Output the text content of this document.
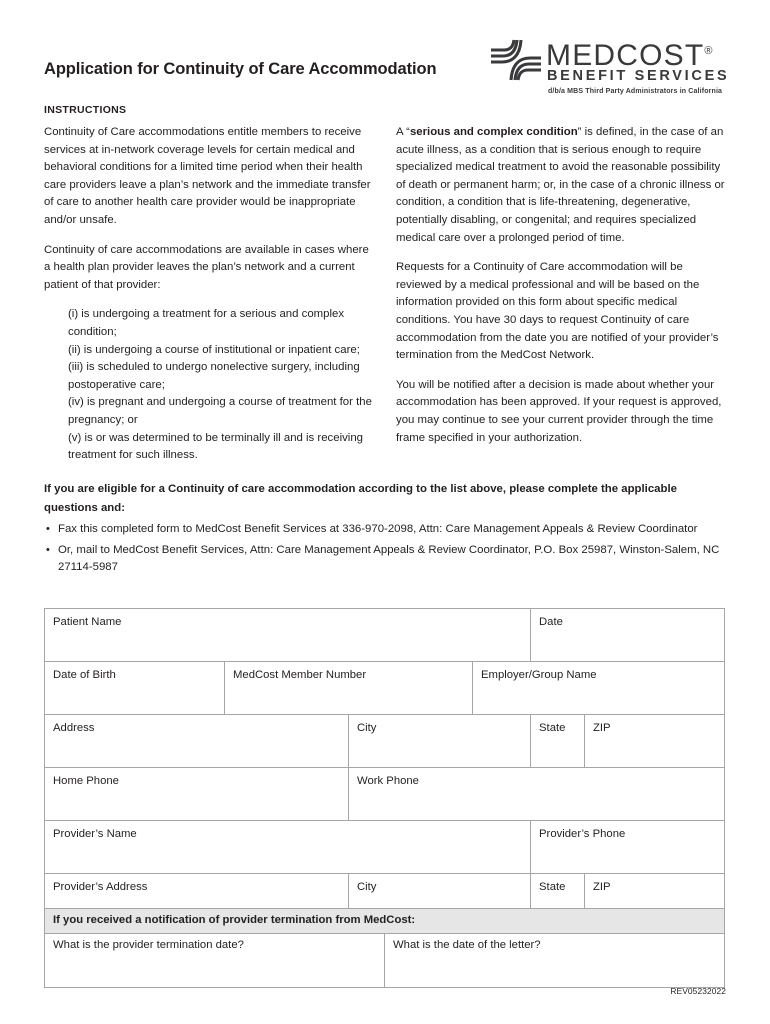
Application for Continuity of Care Accommodation	MEDCOST®
BENEFIT SERVICES
d/b/a MBS Third Party Administrators in California
INSTRUCTIONS

Continuity of Care accommodations entitle members to receive services at in-network coverage levels for certain medical and behavioral conditions for a limited time period when their health care providers leave a plan’s network and the immediate transfer of care to another health care provider would be inappropriate and/or unsafe.

Continuity of care accommodations are available in cases where a health plan provider leaves the plan’s network and a current patient of that provider:

(i) is undergoing a treatment for a serious and complex condition;
(ii) is undergoing a course of institutional or inpatient care;
(iii) is scheduled to undergo nonelective surgery, including postoperative care;
(iv) is pregnant and undergoing a course of treatment for the pregnancy; or
(v) is or was determined to be terminally ill and is receiving treatment for such illness.

A “serious and complex condition” is defined, in the case of an acute illness, as a condition that is serious enough to require specialized medical treatment to avoid the reasonable possibility of death or permanent harm; or, in the case of a chronic illness or condition, a condition that is life-threatening, degenerative, potentially disabling, or congenital; and requires specialized medical care over a prolonged period of time.

Requests for a Continuity of Care accommodation will be reviewed by a medical professional and will be based on the information provided on this form about specific medical conditions. You have 30 days to request Continuity of care accommodation from the date you are notified of your provider’s termination from the MedCost Network.

You will be notified after a decision is made about whether your accommodation has been approved. If your request is approved, you may continue to see your current provider through the time frame specified in your authorization.

If you are eligible for a Continuity of care accommodation according to the list above, please complete the applicable questions and:
• Fax this completed form to MedCost Benefit Services at 336-970-2098, Attn: Care Management Appeals & Review Coordinator
• Or, mail to MedCost Benefit Services, Attn: Care Management Appeals & Review Coordinator, P.O. Box 25987, Winston-Salem, NC 27114-5987
Patient Name				Date	
Date of Birth	MedCost Member Number		Employer/Group Name		
Address		City		State	ZIP
Home Phone		Work Phone			
Provider’s Name				Provider’s Phone	
Provider’s Address		City		State	ZIP
If you received a notification of provider termination from MedCost:
What is the provider termination date?	What is the date of the letter?
REV05232022
